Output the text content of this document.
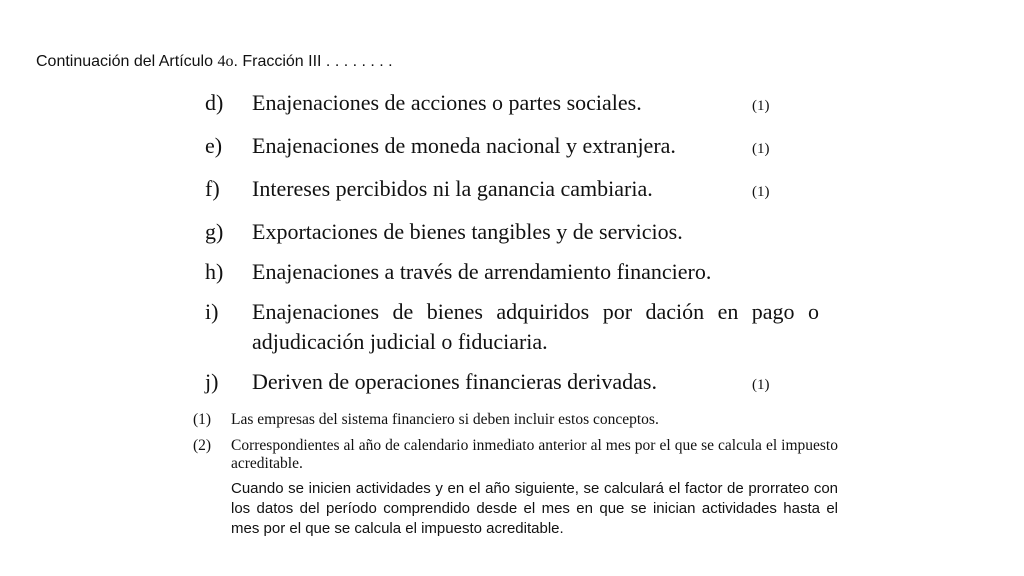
Continuación del Artículo 4o. Fracción III . . . . . . . .
d)	Enajenaciones de acciones o partes sociales.	(1)
e)	Enajenaciones de moneda nacional y extranjera.	(1)
f)	Intereses percibidos ni la ganancia cambiaria.	(1)
g)	Exportaciones de bienes tangibles y de servicios.
h)	Enajenaciones a través de arrendamiento financiero.
i)	Enajenaciones de bienes adquiridos por dación en pago o adjudicación judicial o fiduciaria.
j)	Deriven de operaciones financieras derivadas.	(1)
(1)	Las empresas del sistema financiero si deben incluir estos conceptos.
(2)	Correspondientes al año de calendario inmediato anterior al mes por el que se calcula el impuesto acreditable.
Cuando se inicien actividades y en el año siguiente, se calculará el factor de prorrateo con los datos del período comprendido desde el mes en que se inician actividades hasta el mes por el que se calcula el impuesto acreditable.
